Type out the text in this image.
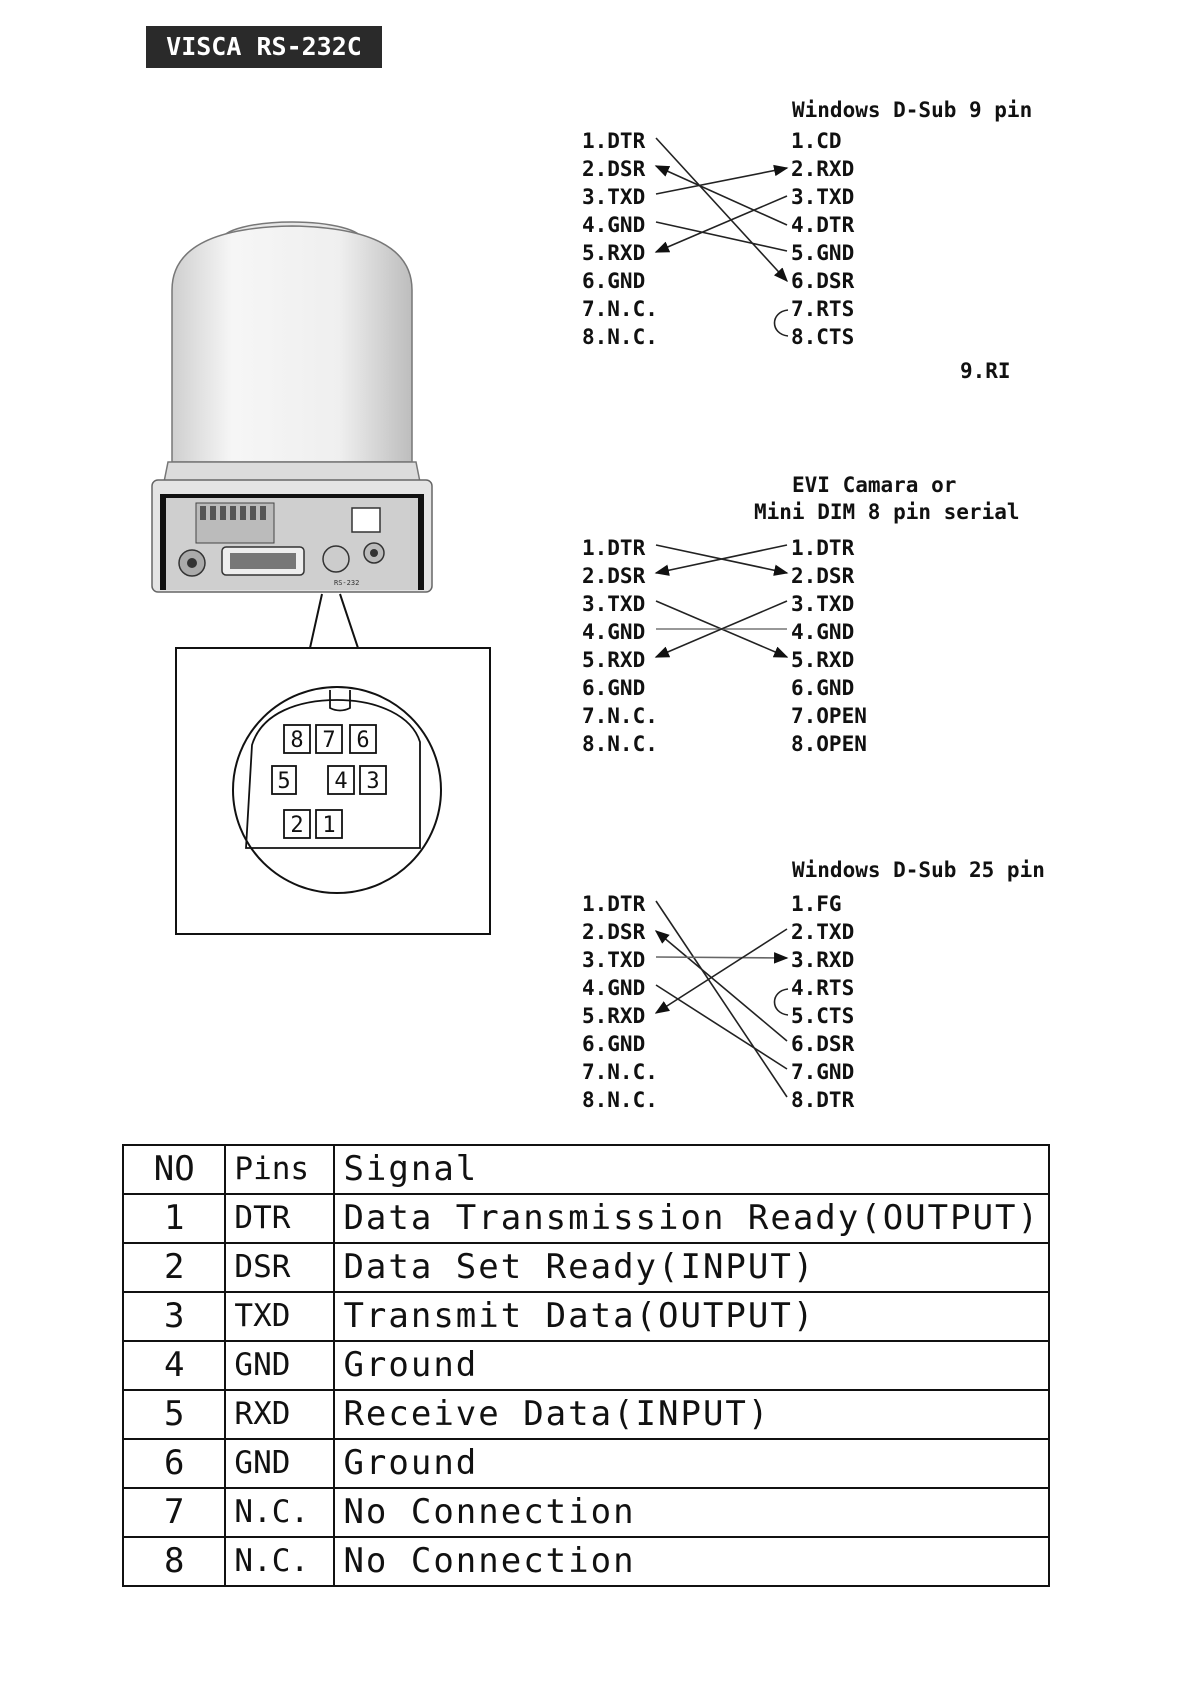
VISCA RS-232C
RS-232
8 7 6
5 4 3
2 1
Windows D-Sub 9 pin
1.DTR
2.DSR
3.TXD
4.GND
5.RXD
6.GND
7.N.C.
8.N.C.
1.CD
2.RXD
3.TXD
4.DTR
5.GND
6.DSR
7.RTS
8.CTS
9.RI
EVI Camara or
Mini DIM 8 pin serial
1.DTR
2.DSR
3.TXD
4.GND
5.RXD
6.GND
7.N.C.
8.N.C.
1.DTR
2.DSR
3.TXD
4.GND
5.RXD
6.GND
7.OPEN
8.OPEN
Windows D-Sub 25 pin
1.DTR
2.DSR
3.TXD
4.GND
5.RXD
6.GND
7.N.C.
8.N.C.
1.FG
2.TXD
3.RXD
4.RTS
5.CTS
6.DSR
7.GND
8.DTR
NO	Pins	Signal
1	DTR	Data Transmission Ready(OUTPUT)
2	DSR	Data Set Ready(INPUT)
3	TXD	Transmit Data(OUTPUT)
4	GND	Ground
5	RXD	Receive Data(INPUT)
6	GND	Ground
7	N.C.	No Connection
8	N.C.	No Connection
